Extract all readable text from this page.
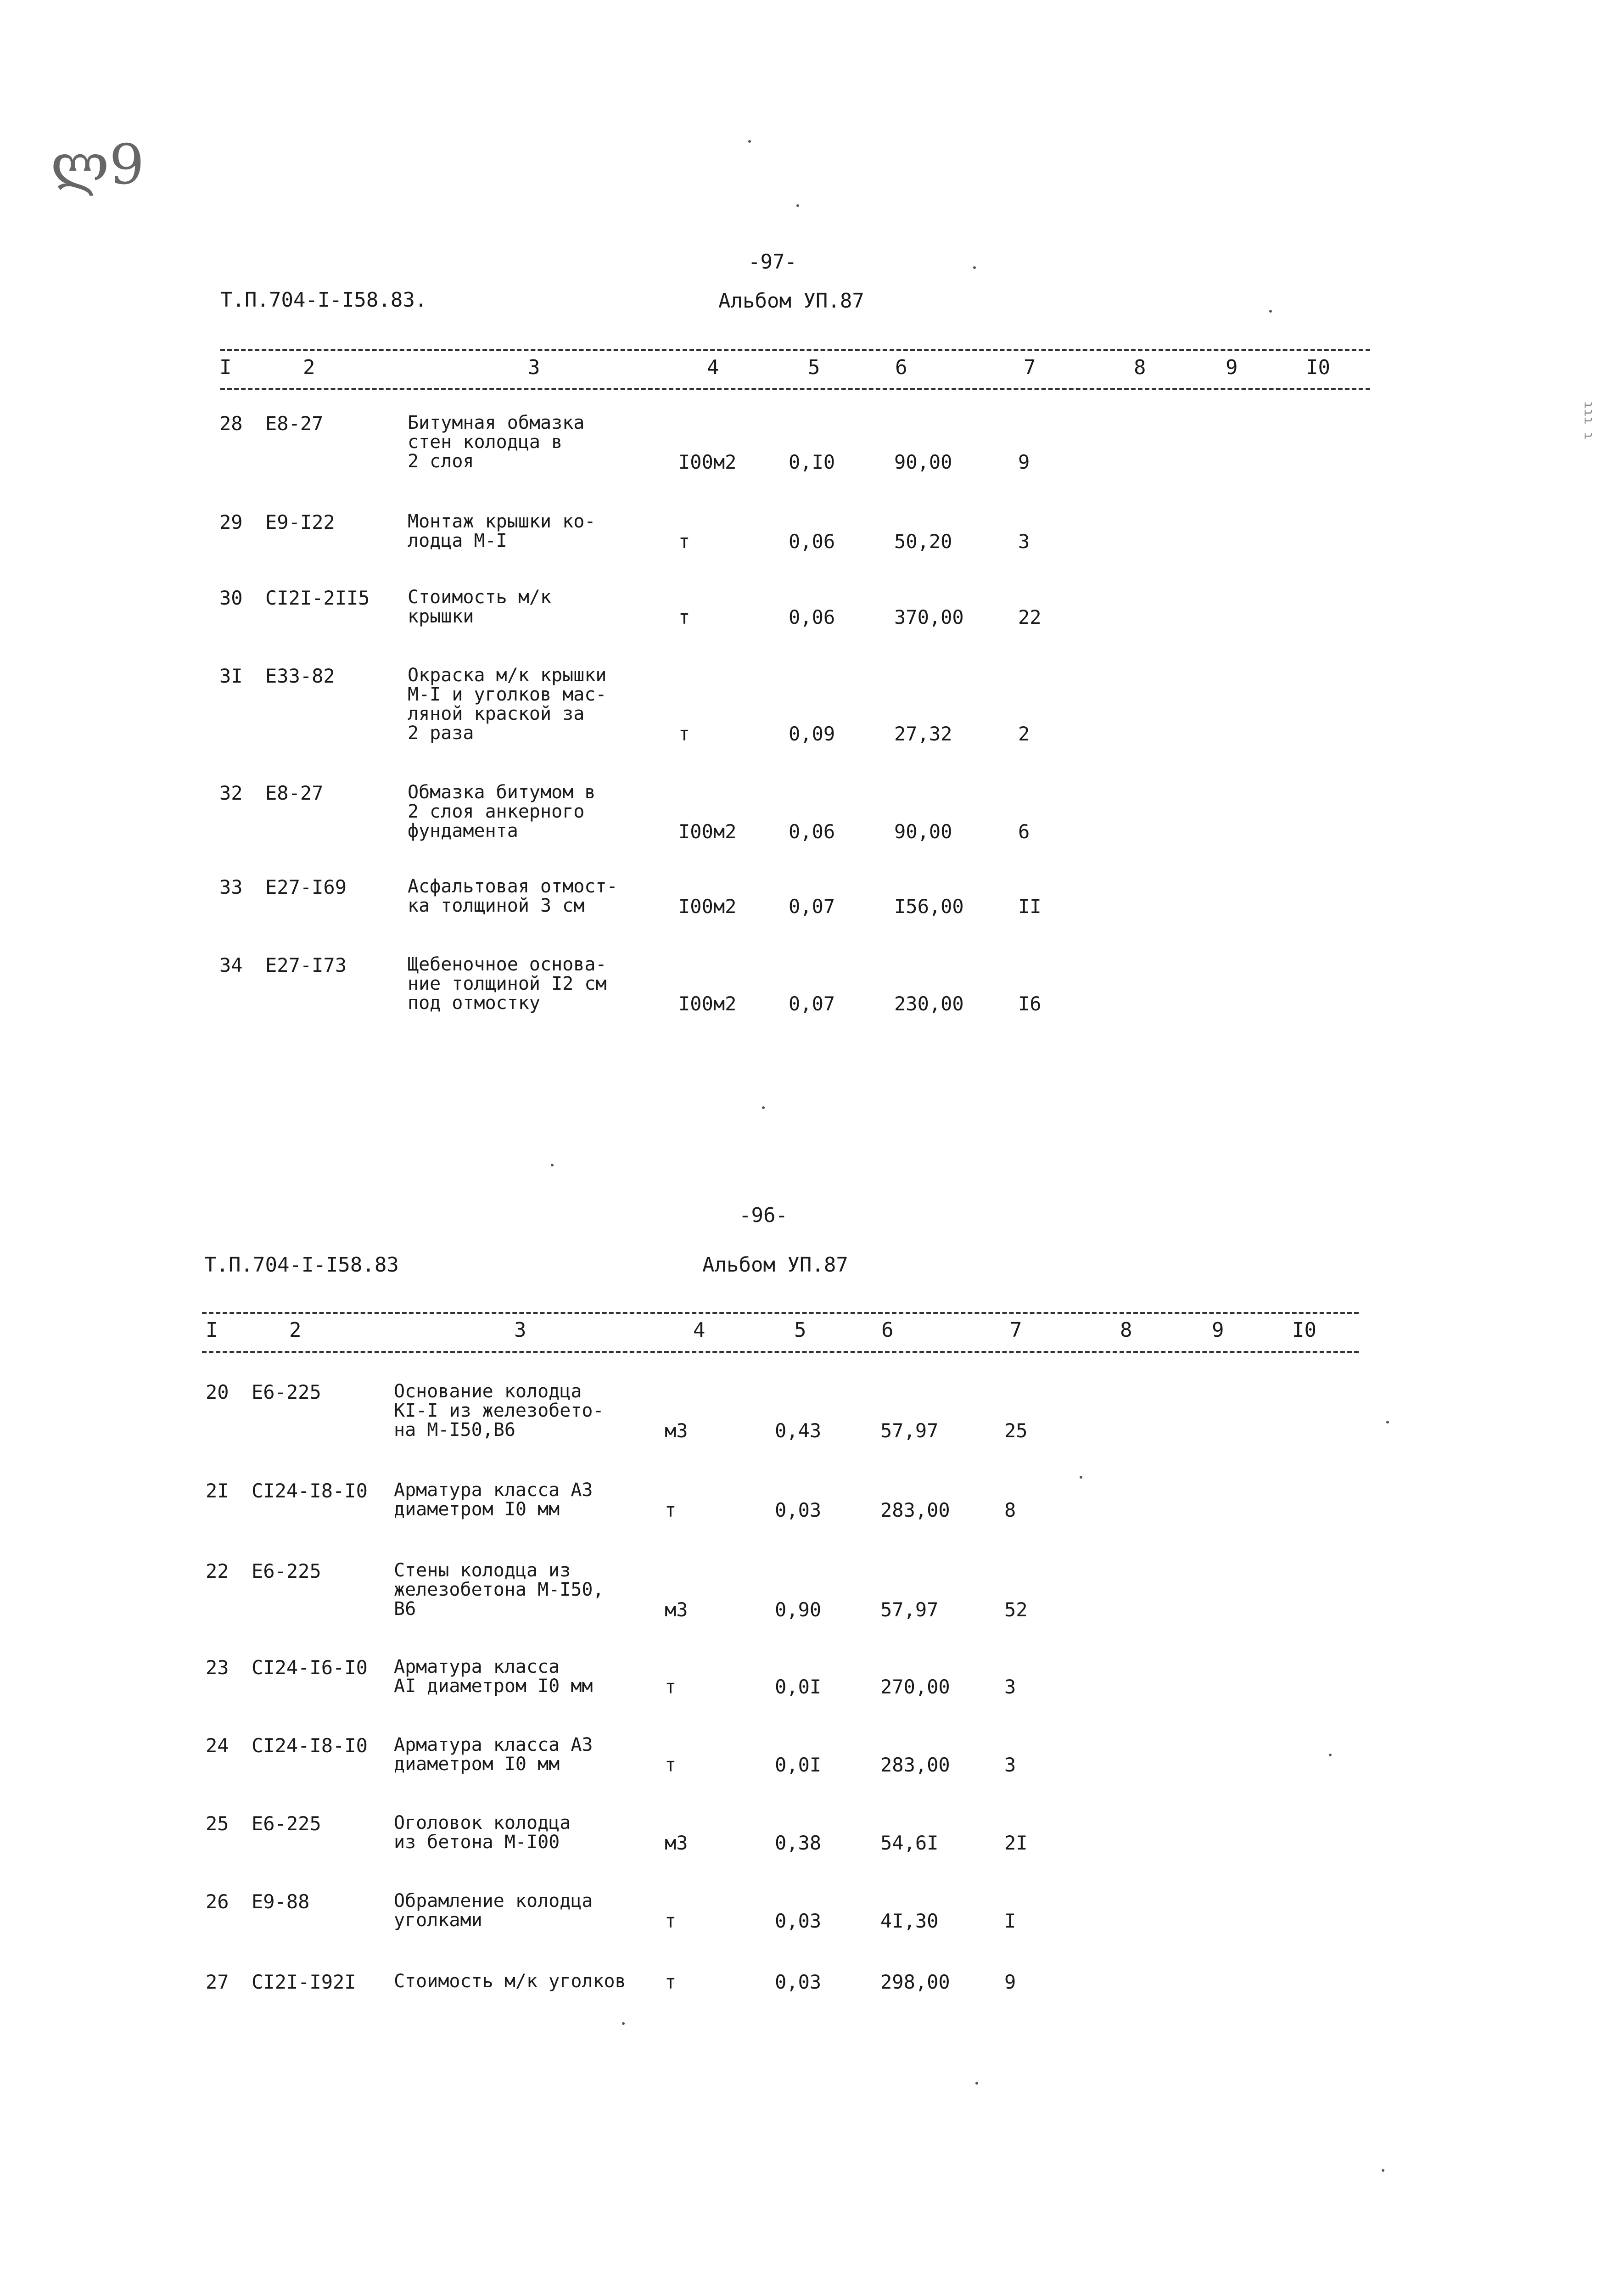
ლ9
ɿɿɿ ɿ
-97-
Т.П.704-I-I58.83.	Альбом УП.87
-96-
Т.П.704-I-I58.83	Альбом УП.87
I	2	3	4	5	6	7	8	9	I0
I	2	3	4	5	6	7	8	9	I0
28 Е8-27	Битумная обмазка
стен колодца в
2 слоя	I00м2	0,I0	90,00	9
29 Е9-I22	Монтаж крышки ко-
лодца М-I	т	0,06	50,20	3
30 СI2I-2II5 Стоимость м/к
крышки	т	0,06	370,00	22
3I Е33-82	Окраска м/к крышки
М-I и уголков мас-
ляной краской за
2 раза	т	0,09	27,32	2
32 Е8-27	Обмазка битумом в
2 слоя анкерного
фундамента	I00м2	0,06	90,00	6
33 Е27-I69	Асфальтовая отмост-
ка толщиной 3 см	I00м2	0,07	I56,00	II
34 Е27-I73	Щебеночное основа-
ние толщиной I2 см
под отмостку	I00м2	0,07	230,00	I6
20 Е6-225	Основание колодца
КI-I из железобето-
на М-I50,В6	м3	0,43	57,97	25
2I СI24-I8-I0 Арматура класса А3
диаметром I0 мм	т	0,03	283,00	8
22 Е6-225	Стены колодца из
железобетона М-I50,
В6	м3	0,90	57,97	52
23 СI24-I6-I0 Арматура класса
АI диаметром I0 мм	т	0,0I	270,00	3
24 СI24-I8-I0 Арматура класса А3
диаметром I0 мм	т	0,0I	283,00	3
25 Е6-225	Оголовок колодца
из бетона М-I00	м3	0,38	54,6I	2I
26 Е9-88	Обрамление колодца
уголками	т	0,03	4I,30	I
27 СI2I-I92I Стоимость м/к уголков т	0,03	298,00	9
